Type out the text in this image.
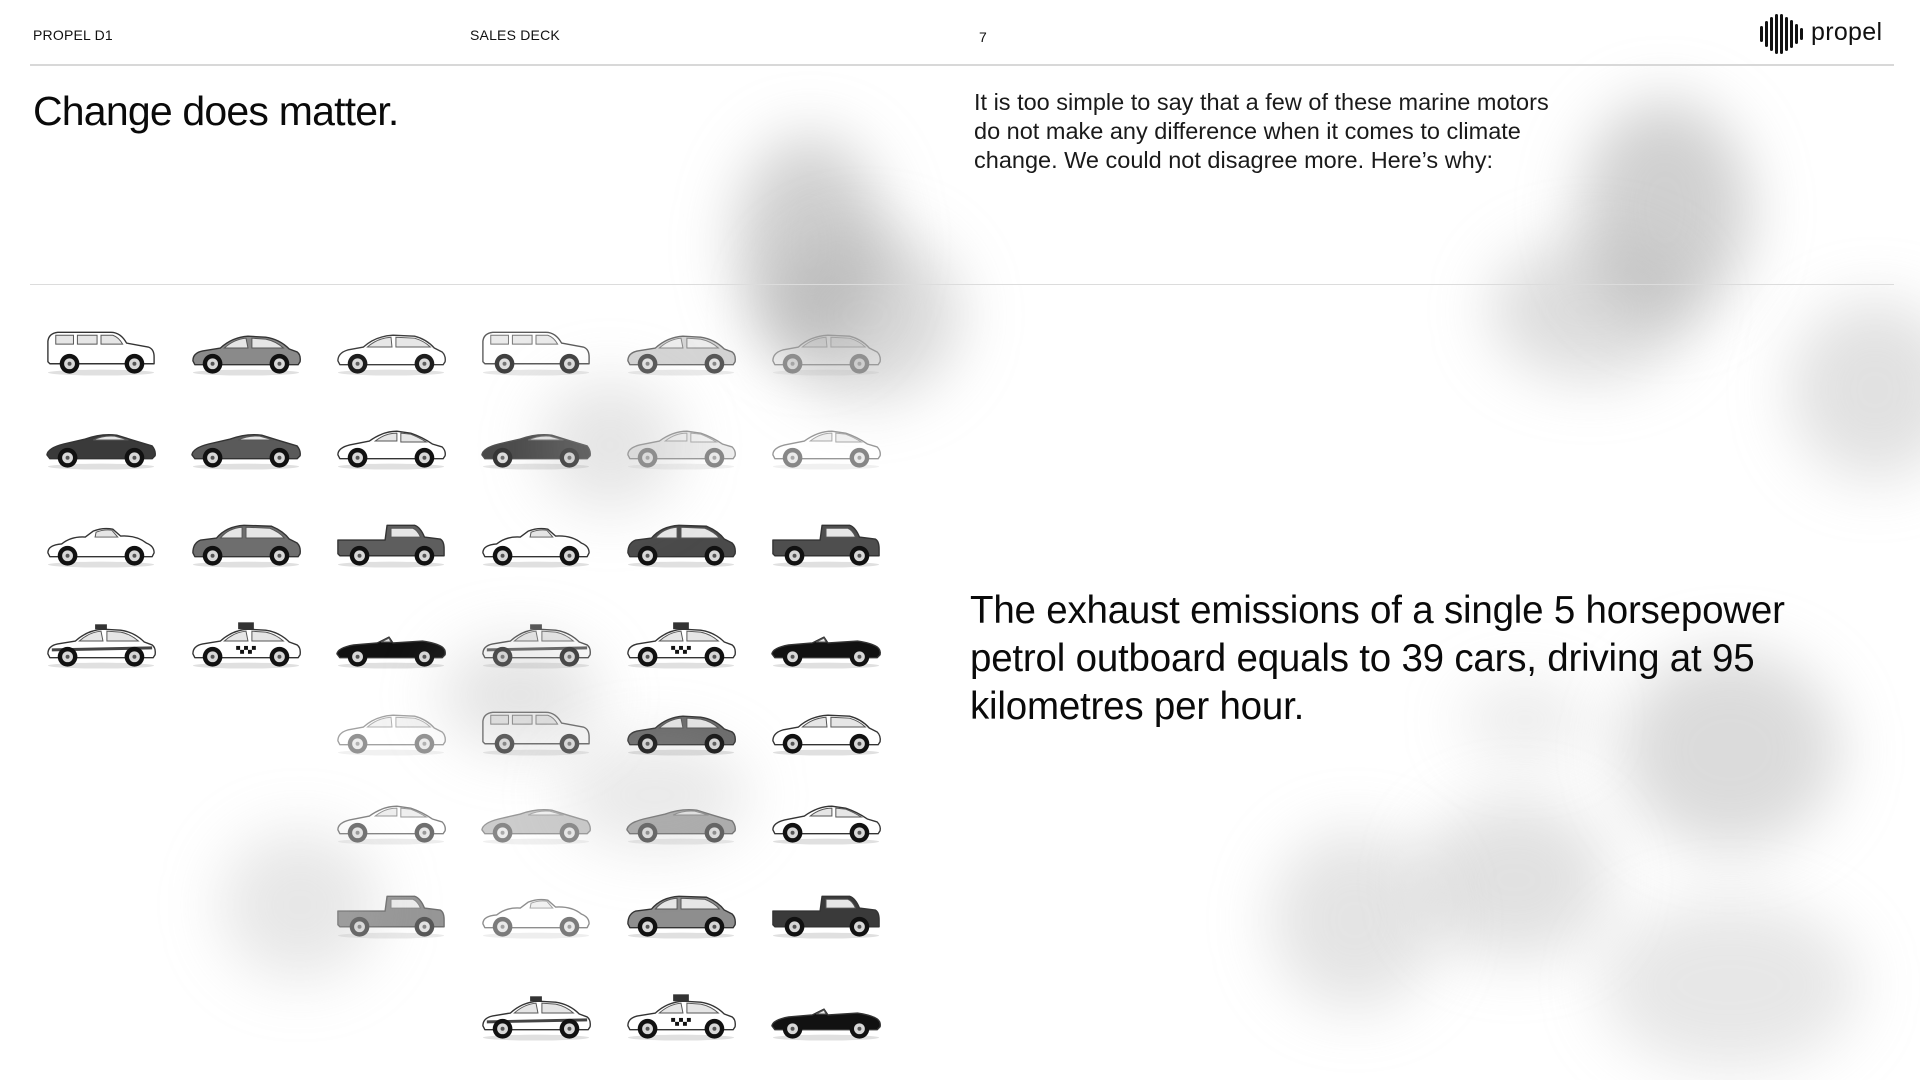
PROPEL D1	SALES DECK	7	propel
Change does matter.	It is too simple to say that a few of these marine motors do not make any difference when it comes to climate change. We could not disagree more. Here’s why:

The exhaust emissions of a single 5 horsepower petrol outboard equals to 39 cars, driving at 95 kilometres per hour.
